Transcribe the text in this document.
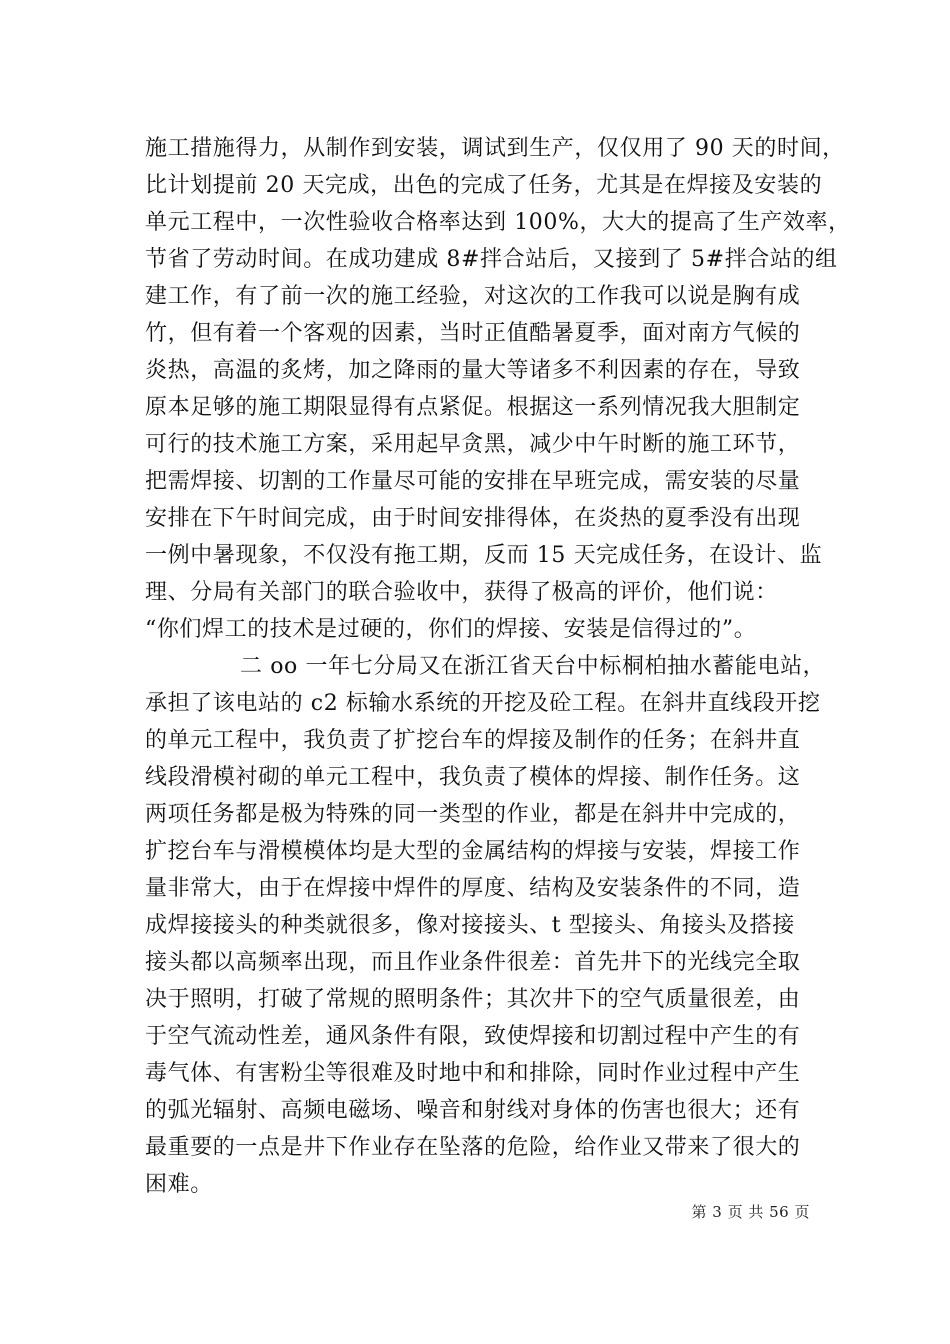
施工措施得力，从制作到安装，调试到生产，仅仅用了 90 天的时间，
比计划提前 20 天完成，出色的完成了任务，尤其是在焊接及安装的
单元工程中，一次性验收合格率达到 100%，大大的提高了生产效率，
节省了劳动时间。在成功建成 8#拌合站后，又接到了 5#拌合站的组
建工作，有了前一次的施工经验，对这次的工作我可以说是胸有成
竹，但有着一个客观的因素，当时正值酷暑夏季，面对南方气候的
炎热，高温的炙烤，加之降雨的量大等诸多不利因素的存在，导致
原本足够的施工期限显得有点紧促。根据这一系列情况我大胆制定
可行的技术施工方案，采用起早贪黑，减少中午时断的施工环节，
把需焊接、切割的工作量尽可能的安排在早班完成，需安装的尽量
安排在下午时间完成，由于时间安排得体，在炎热的夏季没有出现
一例中暑现象，不仅没有拖工期，反而 15 天完成任务，在设计、监
理、分局有关部门的联合验收中，获得了极高的评价，他们说：
“你们焊工的技术是过硬的，你们的焊接、安装是信得过的”。
二 oo 一年七分局又在浙江省天台中标桐柏抽水蓄能电站，
承担了该电站的 c2 标输水系统的开挖及砼工程。在斜井直线段开挖
的单元工程中，我负责了扩挖台车的焊接及制作的任务；在斜井直
线段滑模衬砌的单元工程中，我负责了模体的焊接、制作任务。这
两项任务都是极为特殊的同一类型的作业，都是在斜井中完成的，
扩挖台车与滑模模体均是大型的金属结构的焊接与安装，焊接工作
量非常大，由于在焊接中焊件的厚度、结构及安装条件的不同，造
成焊接接头的种类就很多，像对接接头、t 型接头、角接头及搭接
接头都以高频率出现，而且作业条件很差：首先井下的光线完全取
决于照明，打破了常规的照明条件；其次井下的空气质量很差，由
于空气流动性差，通风条件有限，致使焊接和切割过程中产生的有
毒气体、有害粉尘等很难及时地中和和排除，同时作业过程中产生
的弧光辐射、高频电磁场、噪音和射线对身体的伤害也很大；还有
最重要的一点是井下作业存在坠落的危险，给作业又带来了很大的
困难。
第 3 页 共 56 页
